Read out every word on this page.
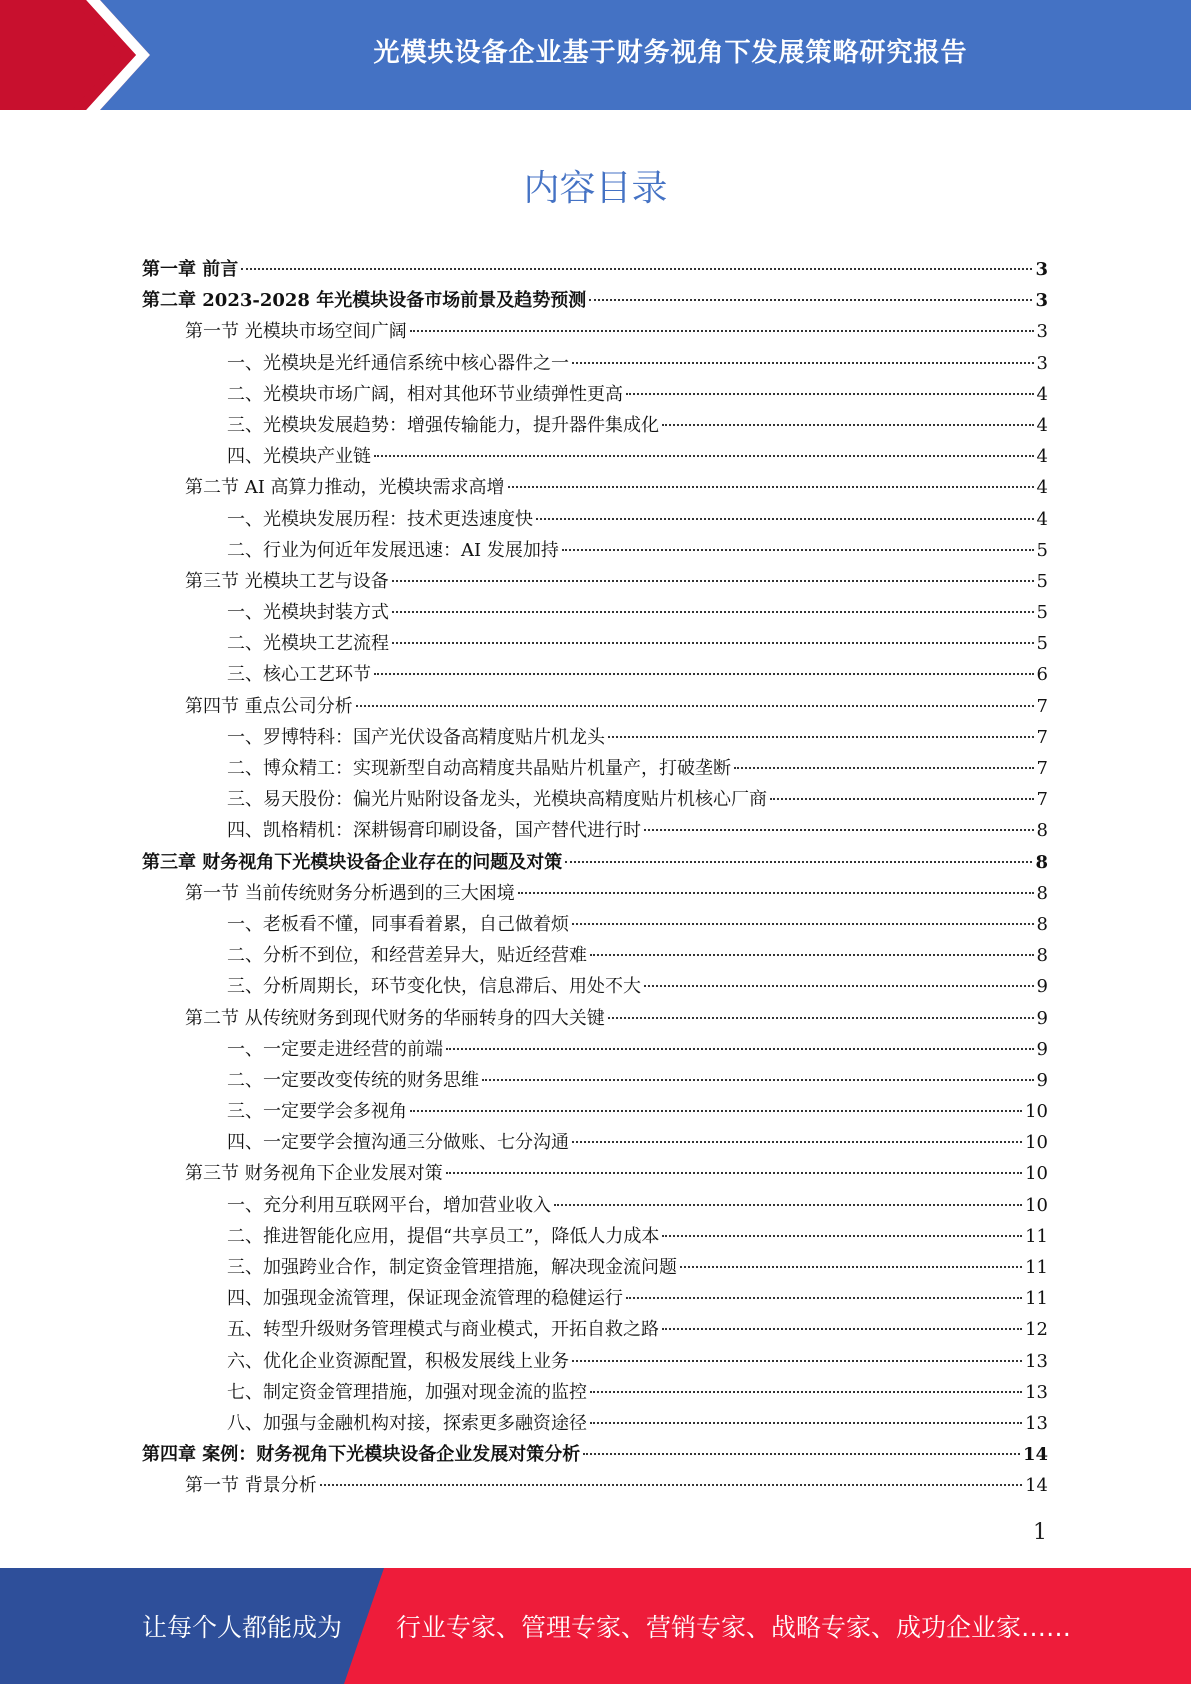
光模块设备企业基于财务视角下发展策略研究报告
内容目录
第一章 前言	3
第二章 2023-2028 年光模块设备市场前景及趋势预测	3
第一节 光模块市场空间广阔	3
一、光模块是光纤通信系统中核心器件之一	3
二、光模块市场广阔，相对其他环节业绩弹性更高	4
三、光模块发展趋势：增强传输能力，提升器件集成化	4
四、光模块产业链	4
第二节 AI 高算力推动，光模块需求高增	4
一、光模块发展历程：技术更迭速度快	4
二、行业为何近年发展迅速：AI 发展加持	5
第三节 光模块工艺与设备	5
一、光模块封装方式	5
二、光模块工艺流程	5
三、核心工艺环节	6
第四节 重点公司分析	7
一、罗博特科：国产光伏设备高精度贴片机龙头	7
二、博众精工：实现新型自动高精度共晶贴片机量产，打破垄断	7
三、易天股份：偏光片贴附设备龙头，光模块高精度贴片机核心厂商	7
四、凯格精机：深耕锡膏印刷设备，国产替代进行时	8
第三章 财务视角下光模块设备企业存在的问题及对策	8
第一节 当前传统财务分析遇到的三大困境	8
一、老板看不懂，同事看着累，自己做着烦	8
二、分析不到位，和经营差异大，贴近经营难	8
三、分析周期长，环节变化快，信息滞后、用处不大	9
第二节 从传统财务到现代财务的华丽转身的四大关键	9
一、一定要走进经营的前端	9
二、一定要改变传统的财务思维	9
三、一定要学会多视角	10
四、一定要学会擅沟通三分做账、七分沟通	10
第三节 财务视角下企业发展对策	10
一、充分利用互联网平台，增加营业收入	10
二、推进智能化应用，提倡“共享员工”，降低人力成本	11
三、加强跨业合作，制定资金管理措施，解决现金流问题	11
四、加强现金流管理，保证现金流管理的稳健运行	11
五、转型升级财务管理模式与商业模式，开拓自救之路	12
六、优化企业资源配置，积极发展线上业务	13
七、制定资金管理措施，加强对现金流的监控	13
八、加强与金融机构对接，探索更多融资途径	13
第四章 案例：财务视角下光模块设备企业发展对策分析	14
第一节 背景分析	14
1
让每个人都能成为 行业专家、管理专家、营销专家、战略专家、成功企业家……
